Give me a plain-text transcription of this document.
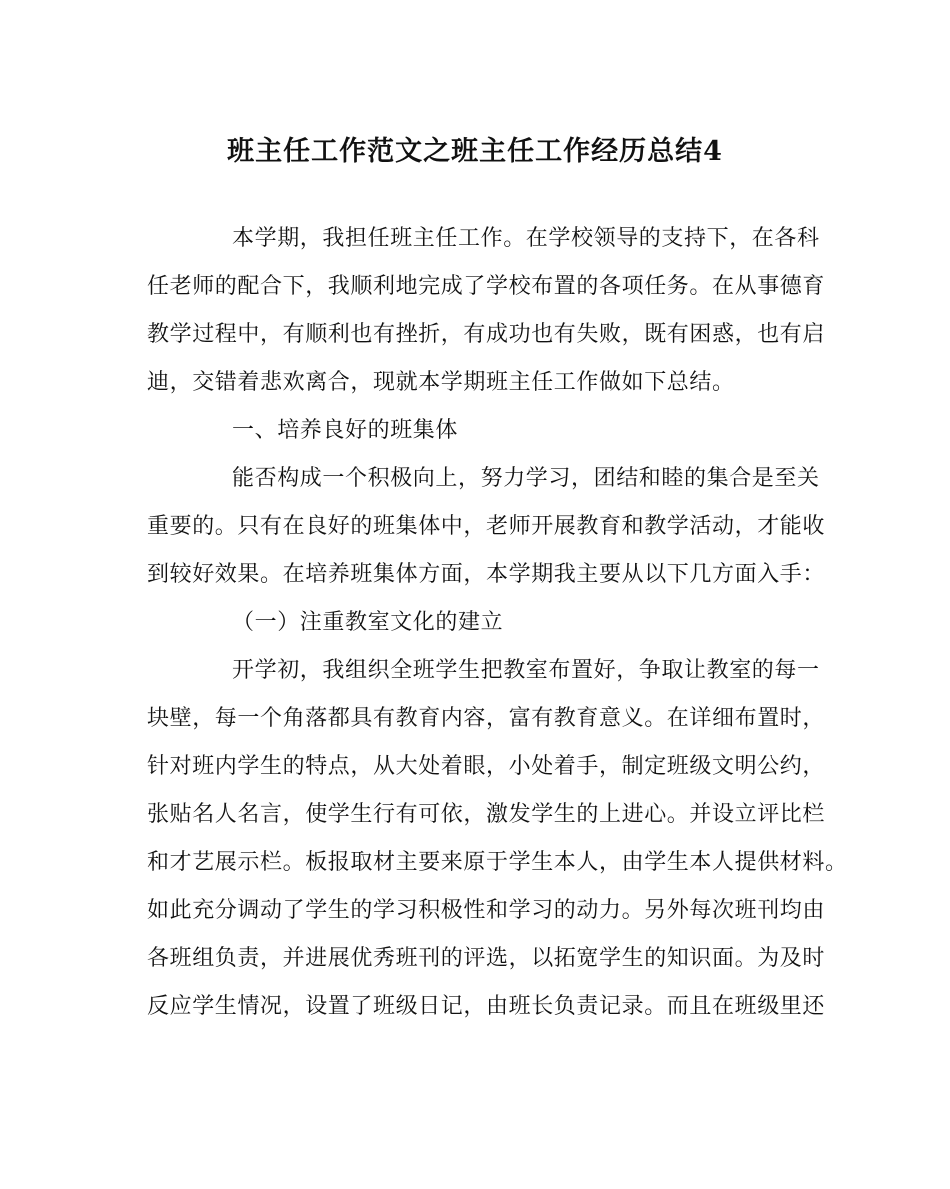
班主任工作范文之班主任工作经历总结4
本学期，我担任班主任工作。在学校领导的支持下，在各科
任老师的配合下，我顺利地完成了学校布置的各项任务。在从事德育
教学过程中，有顺利也有挫折，有成功也有失败，既有困惑，也有启
迪，交错着悲欢离合，现就本学期班主任工作做如下总结。
一、培养良好的班集体
能否构成一个积极向上，努力学习，团结和睦的集合是至关
重要的。只有在良好的班集体中，老师开展教育和教学活动，才能收
到较好效果。在培养班集体方面，本学期我主要从以下几方面入手：
（一）注重教室文化的建立
开学初，我组织全班学生把教室布置好，争取让教室的每一
块壁，每一个角落都具有教育内容，富有教育意义。在详细布置时，
针对班内学生的特点，从大处着眼，小处着手，制定班级文明公约，
张贴名人名言，使学生行有可依，激发学生的上进心。并设立评比栏
和才艺展示栏。板报取材主要来原于学生本人，由学生本人提供材料。
如此充分调动了学生的学习积极性和学习的动力。另外每次班刊均由
各班组负责，并进展优秀班刊的评选，以拓宽学生的知识面。为及时
反应学生情况，设置了班级日记，由班长负责记录。而且在班级里还
